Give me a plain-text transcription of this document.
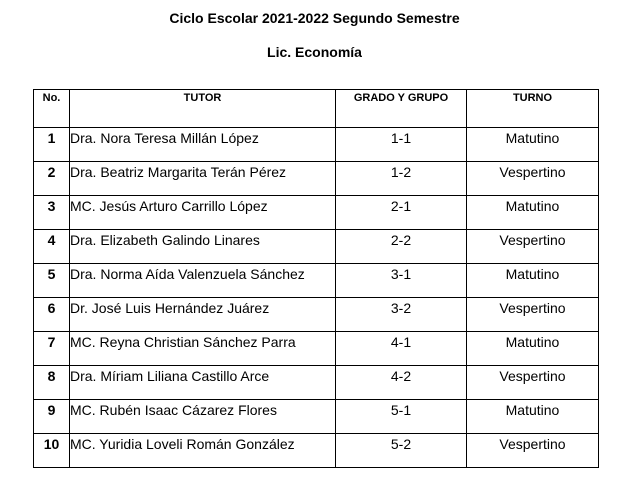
Ciclo Escolar 2021-2022 Segundo Semestre
Lic. Economía
No.	TUTOR	GRADO Y GRUPO	TURNO
1	Dra. Nora Teresa Millán López	1-1	Matutino
2	Dra. Beatriz Margarita Terán Pérez	1-2	Vespertino
3	MC. Jesús Arturo Carrillo López	2-1	Matutino
4	Dra. Elizabeth Galindo Linares	2-2	Vespertino
5	Dra. Norma Aída Valenzuela Sánchez	3-1	Matutino
6	Dr. José Luis Hernández Juárez	3-2	Vespertino
7	MC. Reyna Christian Sánchez Parra	4-1	Matutino
8	Dra. Míriam Liliana Castillo Arce	4-2	Vespertino
9	MC. Rubén Isaac Cázarez Flores	5-1	Matutino
10	MC. Yuridia Loveli Román González	5-2	Vespertino
